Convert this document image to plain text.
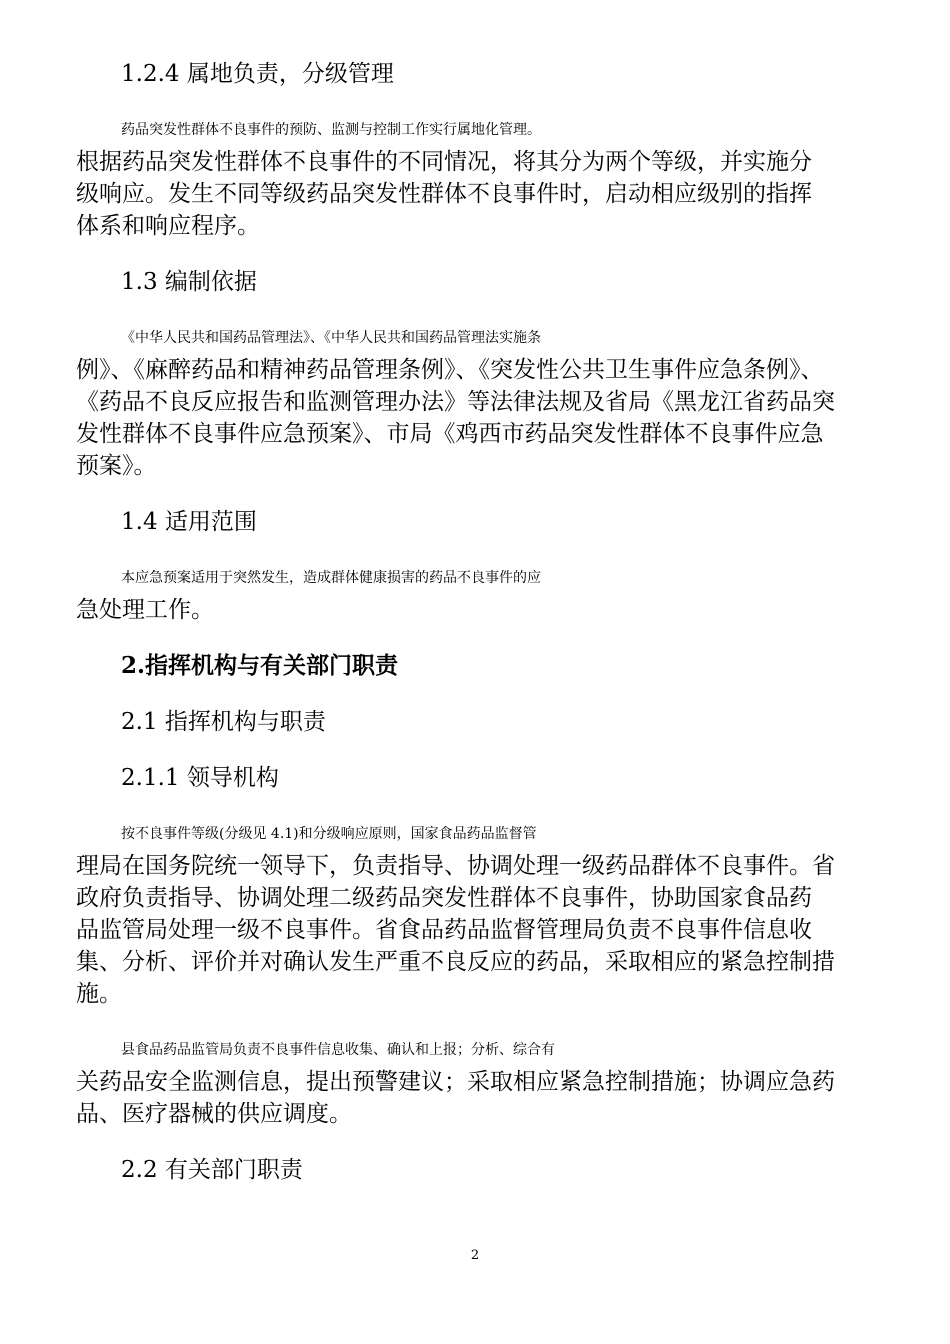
1.2.4 属地负责，分级管理
药品突发性群体不良事件的预防、监测与控制工作实行属地化管理。
根据药品突发性群体不良事件的不同情况，将其分为两个等级，并实施分
级响应。发生不同等级药品突发性群体不良事件时，启动相应级别的指挥
体系和响应程序。
1.3 编制依据
《中华人民共和国药品管理法》、《中华人民共和国药品管理法实施条
例》、《麻醉药品和精神药品管理条例》、《突发性公共卫生事件应急条例》、
《药品不良反应报告和监测管理办法》等法律法规及省局《黑龙江省药品突
发性群体不良事件应急预案》、市局《鸡西市药品突发性群体不良事件应急
预案》。
1.4 适用范围
本应急预案适用于突然发生，造成群体健康损害的药品不良事件的应
急处理工作。
2.指挥机构与有关部门职责
2.1 指挥机构与职责
2.1.1 领导机构
按不良事件等级(分级见 4.1)和分级响应原则，国家食品药品监督管
理局在国务院统一领导下，负责指导、协调处理一级药品群体不良事件。省
政府负责指导、协调处理二级药品突发性群体不良事件，协助国家食品药
品监管局处理一级不良事件。省食品药品监督管理局负责不良事件信息收
集、分析、评价并对确认发生严重不良反应的药品，采取相应的紧急控制措
施。
县食品药品监管局负责不良事件信息收集、确认和上报；分析、综合有
关药品安全监测信息，提出预警建议；采取相应紧急控制措施；协调应急药
品、医疗器械的供应调度。
2.2 有关部门职责
2
